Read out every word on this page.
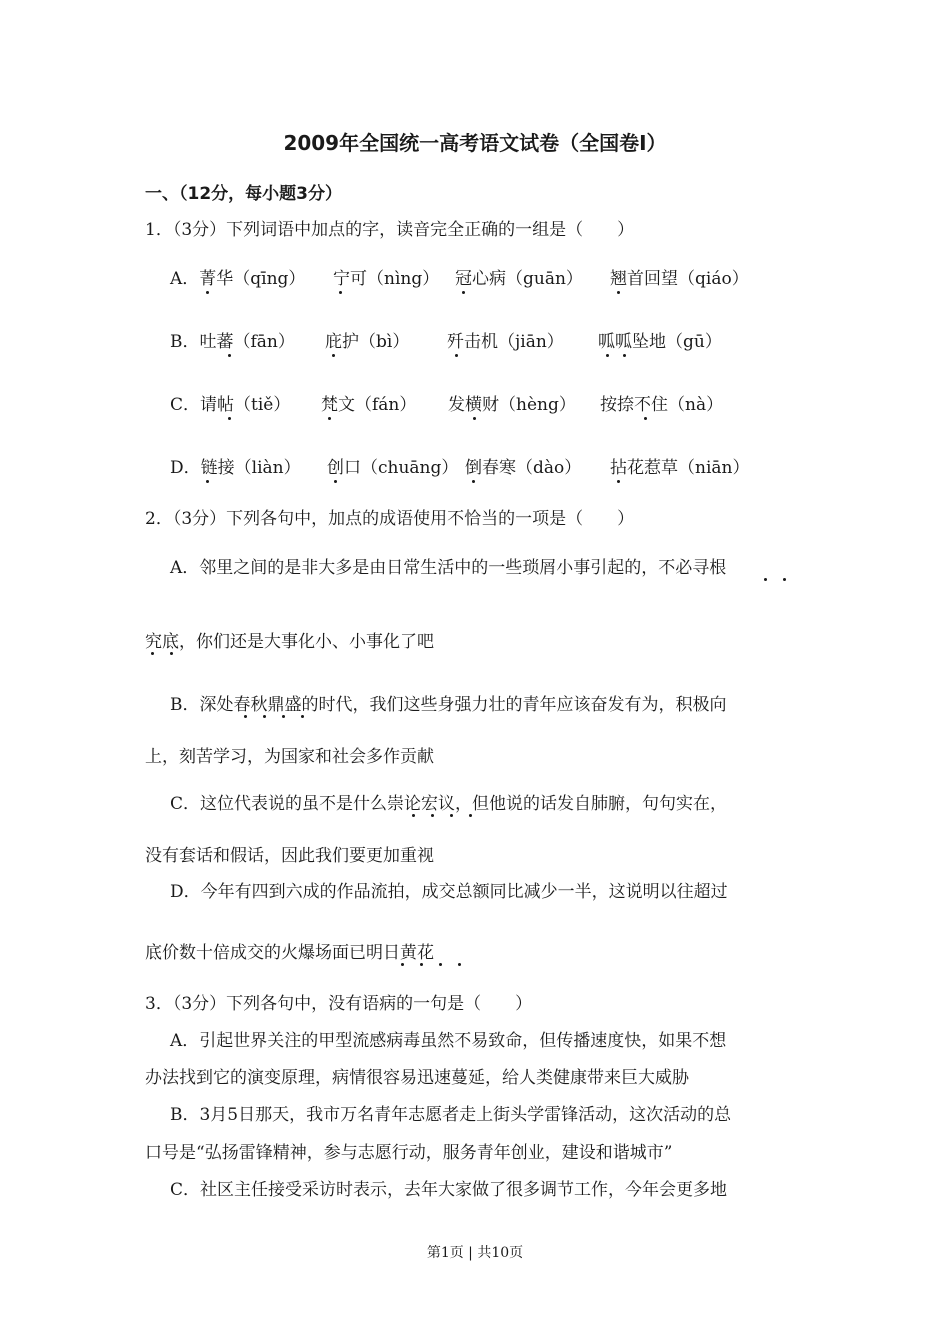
2009年全国统一高考语文试卷（全国卷Ⅰ）
一、（12分，每小题3分）
1．（3分）下列词语中加点的字，读音完全正确的一组是（　　）
A．菁华（qīng） 宁可（nìng） 冠心病（guān） 翘首回望（qiáo）
B．吐蕃（fān） 庇护（bì） 歼击机（jiān） 呱呱坠地（gū）
C．请帖（tiě） 梵文（fán） 发横财（hèng） 按捺不住（nà）
D．链接（liàn） 创口（chuāng） 倒春寒（dào） 拈花惹草（niān）
2．（3分）下列各句中，加点的成语使用不恰当的一项是（　　）
A．邻里之间的是非大多是由日常生活中的一些琐屑小事引起的，不必寻根
究底，你们还是大事化小、小事化了吧
B．深处春秋鼎盛的时代，我们这些身强力壮的青年应该奋发有为，积极向
上，刻苦学习，为国家和社会多作贡献
C．这位代表说的虽不是什么崇论宏议，但他说的话发自肺腑，句句实在，
没有套话和假话，因此我们要更加重视
D．今年有四到六成的作品流拍，成交总额同比减少一半，这说明以往超过
底价数十倍成交的火爆场面已明日黄花
3．（3分）下列各句中，没有语病的一句是（　　）
A．引起世界关注的甲型流感病毒虽然不易致命，但传播速度快，如果不想
办法找到它的演变原理，病情很容易迅速蔓延，给人类健康带来巨大威胁
B．3月5日那天，我市万名青年志愿者走上街头学雷锋活动，这次活动的总
口号是“弘扬雷锋精神，参与志愿行动，服务青年创业，建设和谐城市”
C．社区主任接受采访时表示，去年大家做了很多调节工作，今年会更多地
第1页 | 共10页
